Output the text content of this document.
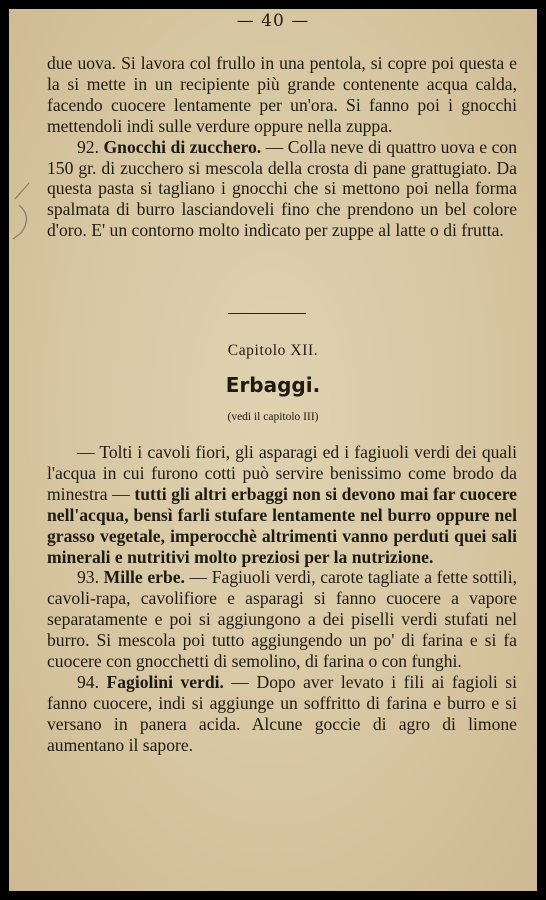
— 40 —

due uova. Si lavora col frullo in una pentola, si copre poi questa e la si mette in un recipiente più grande contenente acqua calda, facendo cuocere lentamente per un'ora. Si fanno poi i gnocchi mettendoli indi sulle verdure oppure nella zuppa.

92. Gnocchi di zucchero. — Colla neve di quattro uova e con 150 gr. di zucchero si mescola della crosta di pane grattugiato. Da questa pasta si tagliano i gnocchi che si mettono poi nella forma spalmata di burro lasciandoveli fino che prendono un bel colore d'oro. E' un contorno molto indicato per zuppe al latte o di frutta.

Capitolo XII.
Erbaggi.
(vedi il capitolo III)

— Tolti i cavoli fiori, gli asparagi ed i fagiuoli verdi dei quali l'acqua in cui furono cotti può servire benissimo come brodo da minestra — tutti gli altri erbaggi non si devono mai far cuocere nell'acqua, bensì farli stufare lentamente nel burro oppure nel grasso vegetale, imperocchè altrimenti vanno perduti quei sali minerali e nutritivi molto preziosi per la nutrizione.

93. Mille erbe. — Fagiuoli verdi, carote tagliate a fette sottili, cavoli-rapa, cavolifiore e asparagi si fanno cuocere a vapore separatamente e poi si aggiungono a dei piselli verdi stufati nel burro. Si mescola poi tutto aggiungendo un po' di farina e si fa cuocere con gnocchetti di semolino, di farina o con funghi.

94. Fagiolini verdi. — Dopo aver levato i fili ai fagioli si fanno cuocere, indi si aggiunge un soffritto di farina e burro e si versano in panera acida. Alcune goccie di agro di limone aumentano il sapore.
